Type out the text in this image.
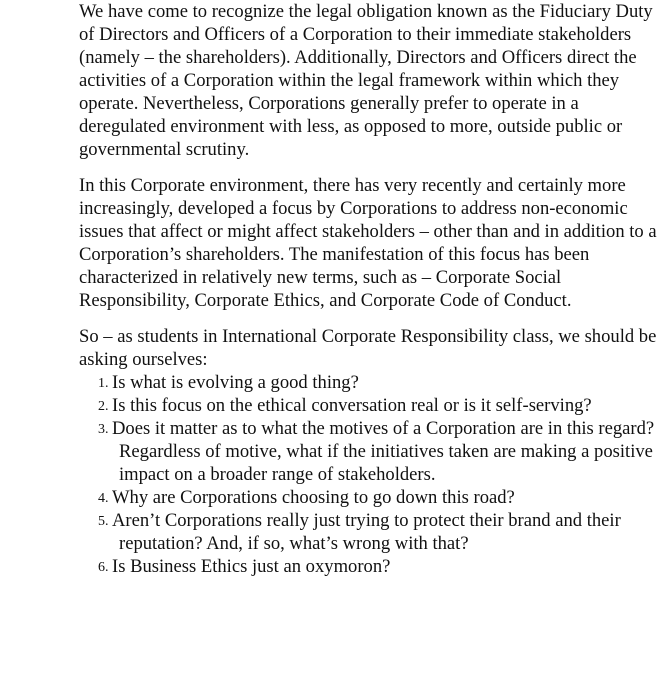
We have come to recognize the legal obligation known as the Fiduciary Duty of Directors and Officers of a Corporation to their immediate stakeholders (namely – the shareholders). Additionally, Directors and Officers direct the activities of a Corporation within the legal framework within which they operate. Nevertheless, Corporations generally prefer to operate in a deregulated environment with less, as opposed to more, outside public or governmental scrutiny.

In this Corporate environment, there has very recently and certainly more increasingly, developed a focus by Corporations to address non-economic issues that affect or might affect stakeholders – other than and in addition to a Corporation’s shareholders. The manifestation of this focus has been characterized in relatively new terms, such as – Corporate Social Responsibility, Corporate Ethics, and Corporate Code of Conduct.

So – as students in International Corporate Responsibility class, we should be asking ourselves:
1. Is what is evolving a good thing?
2. Is this focus on the ethical conversation real or is it self-serving?
3. Does it matter as to what the motives of a Corporation are in this regard? Regardless of motive, what if the initiatives taken are making a positive impact on a broader range of stakeholders.
4. Why are Corporations choosing to go down this road?
5. Aren’t Corporations really just trying to protect their brand and their reputation? And, if so, what’s wrong with that?
6. Is Business Ethics just an oxymoron?
